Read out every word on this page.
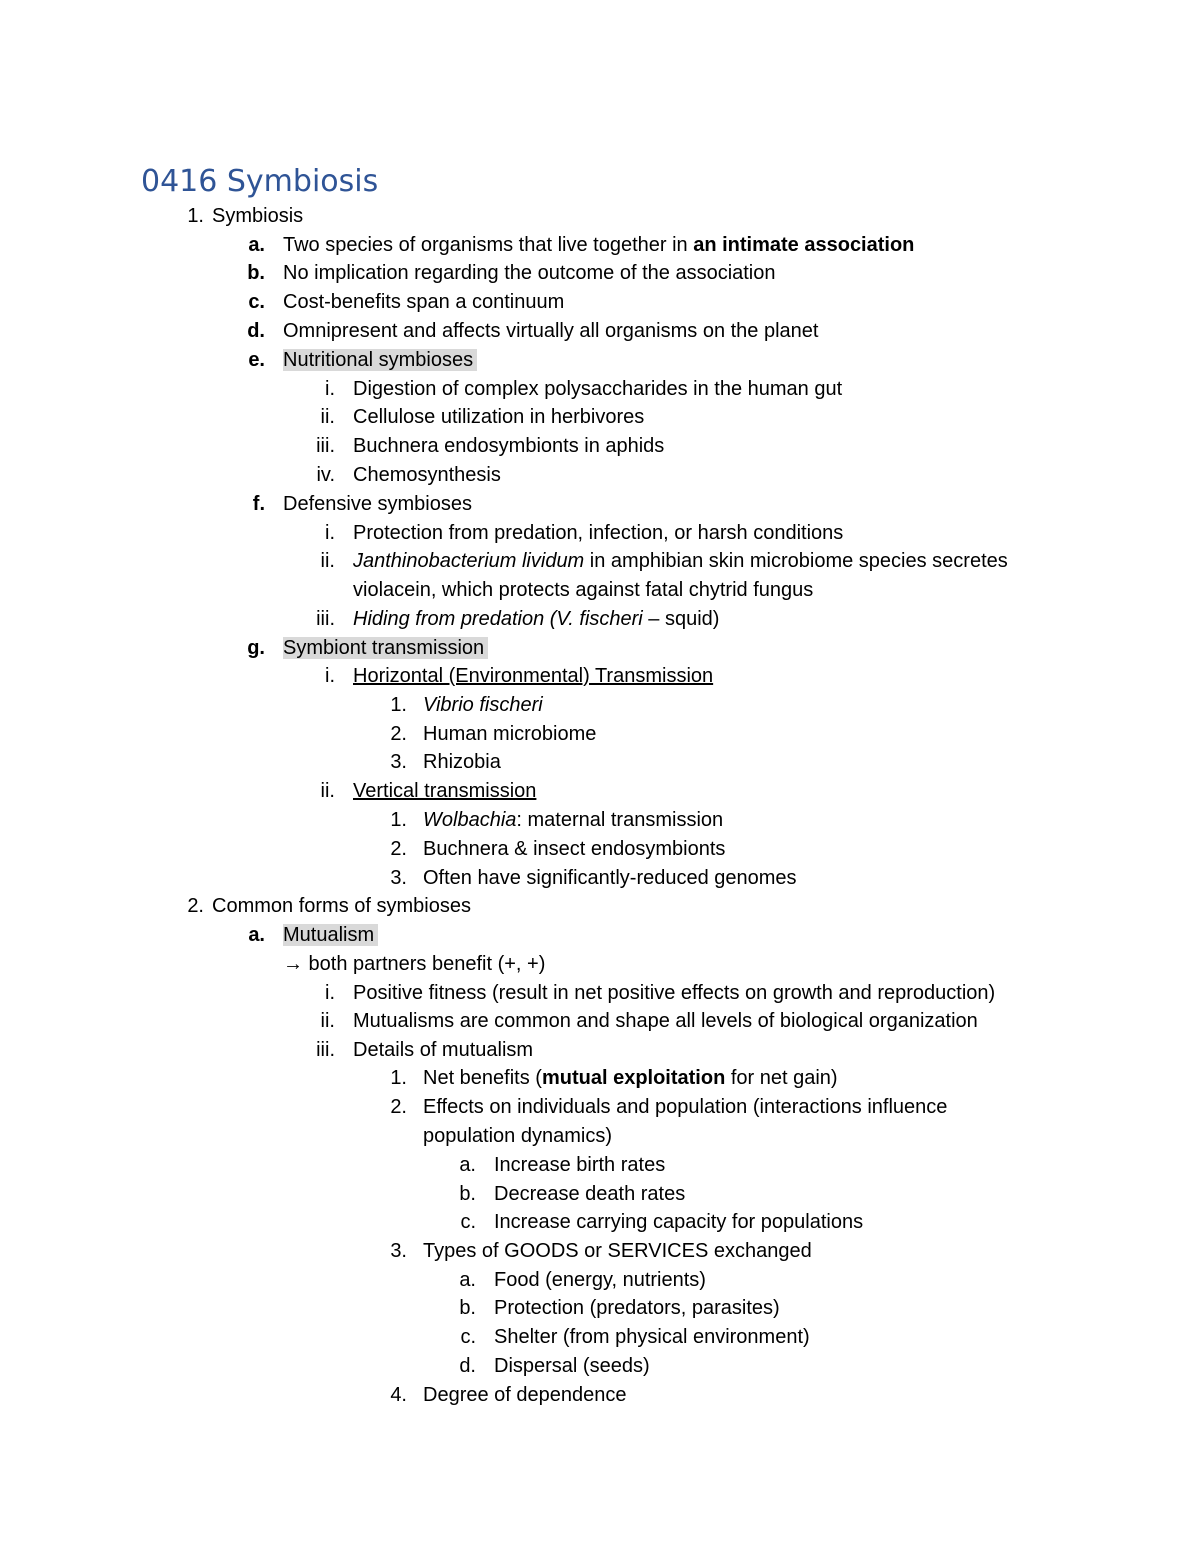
0416 Symbiosis
1. Symbiosis
a. Two species of organisms that live together in an intimate association
b. No implication regarding the outcome of the association
c. Cost-benefits span a continuum
d. Omnipresent and affects virtually all organisms on the planet
e. Nutritional symbioses
i. Digestion of complex polysaccharides in the human gut
ii. Cellulose utilization in herbivores
iii. Buchnera endosymbionts in aphids
iv. Chemosynthesis
f. Defensive symbioses
i. Protection from predation, infection, or harsh conditions
ii. Janthinobacterium lividum in amphibian skin microbiome species secretes
violacein, which protects against fatal chytrid fungus
iii. Hiding from predation (V. fischeri – squid)
g. Symbiont transmission
i. Horizontal (Environmental) Transmission
1. Vibrio fischeri
2. Human microbiome
3. Rhizobia
ii. Vertical transmission
1. Wolbachia: maternal transmission
2. Buchnera & insect endosymbionts
3. Often have significantly-reduced genomes
2. Common forms of symbioses
a. Mutualism
→ both partners benefit (+, +)
i. Positive fitness (result in net positive effects on growth and reproduction)
ii. Mutualisms are common and shape all levels of biological organization
iii. Details of mutualism
1. Net benefits (mutual exploitation for net gain)
2. Effects on individuals and population (interactions influence
population dynamics)
a. Increase birth rates
b. Decrease death rates
c. Increase carrying capacity for populations
3. Types of GOODS or SERVICES exchanged
a. Food (energy, nutrients)
b. Protection (predators, parasites)
c. Shelter (from physical environment)
d. Dispersal (seeds)
4. Degree of dependence
